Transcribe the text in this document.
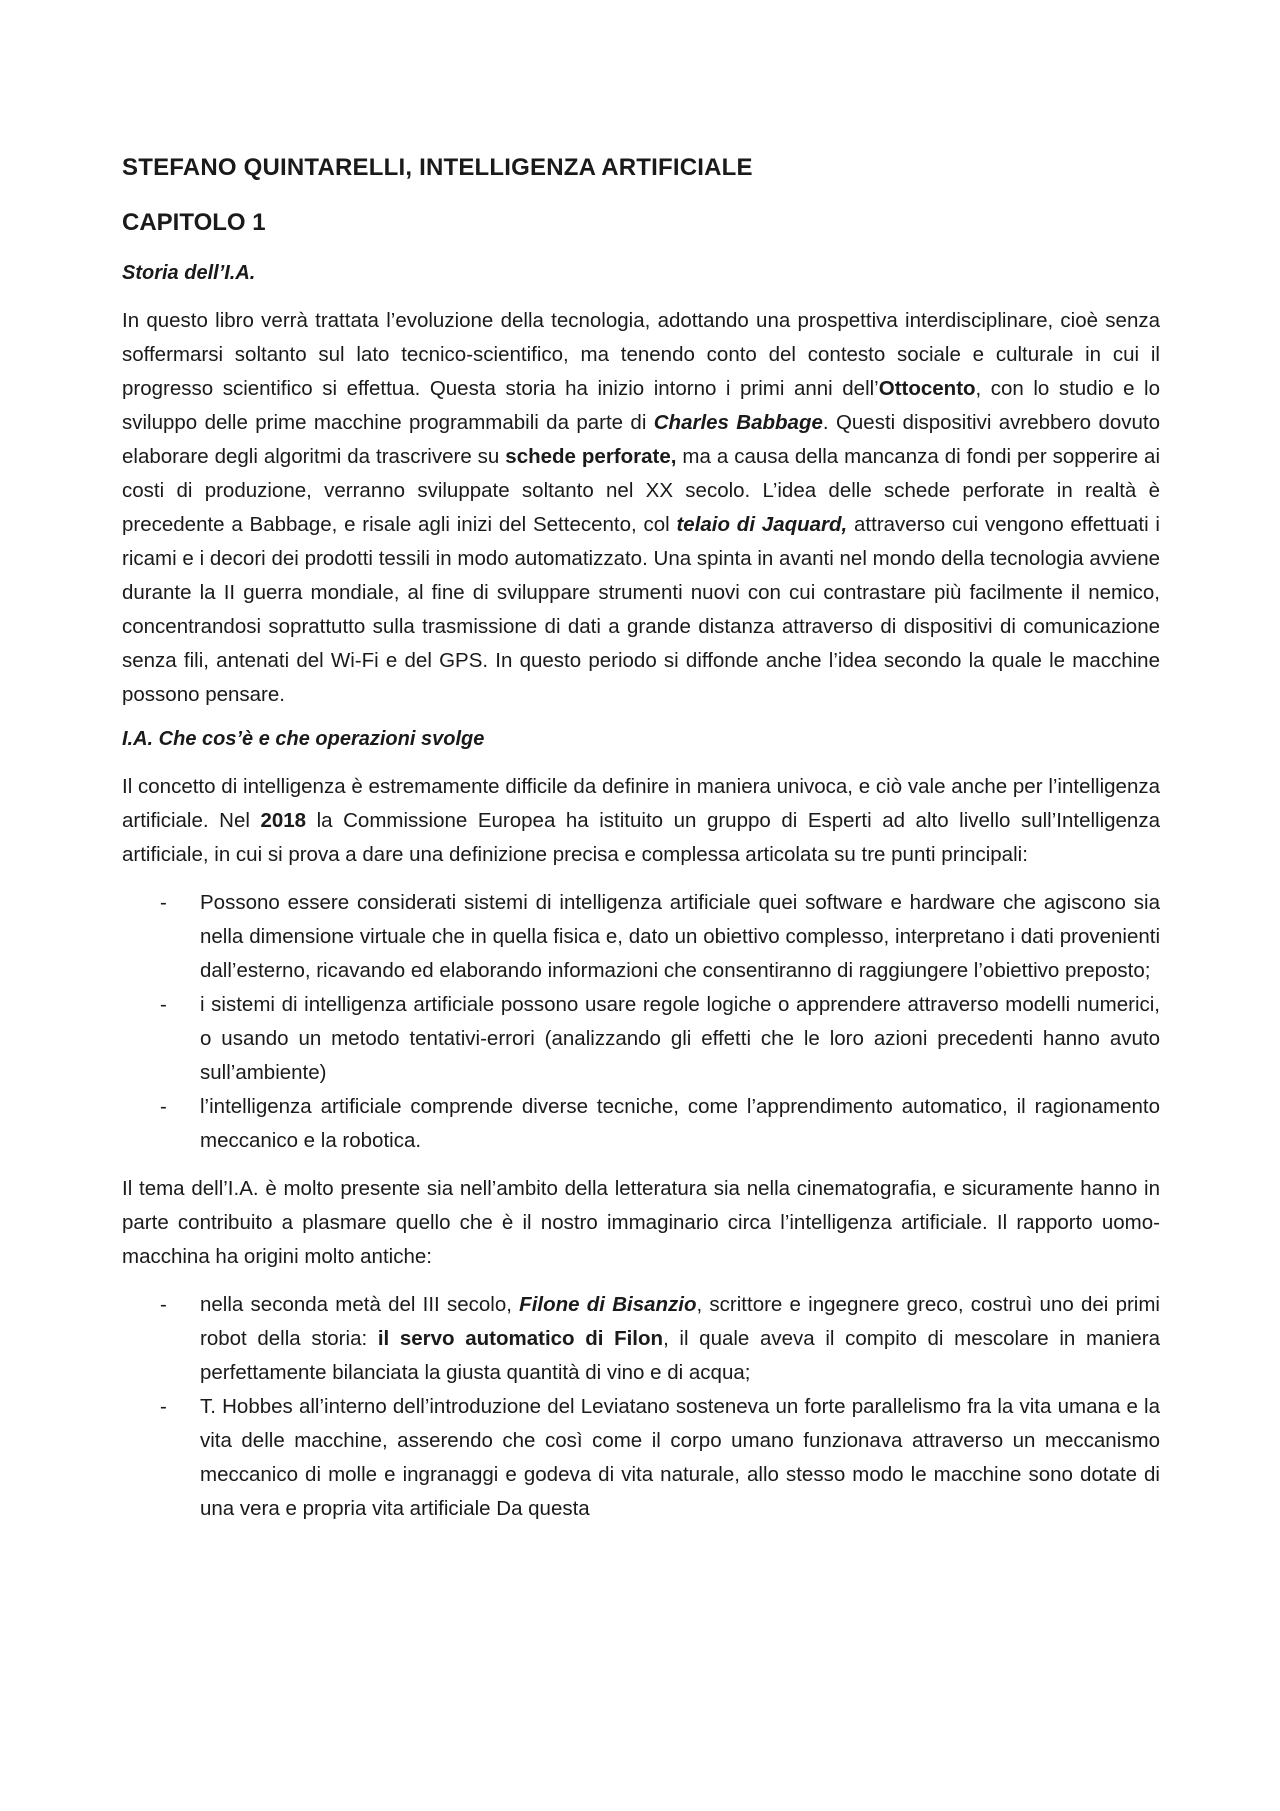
STEFANO QUINTARELLI, INTELLIGENZA ARTIFICIALE
CAPITOLO 1
Storia dell’I.A.

In questo libro verrà trattata l’evoluzione della tecnologia, adottando una prospettiva interdisciplinare, cioè senza soffermarsi soltanto sul lato tecnico-scientifico, ma tenendo conto del contesto sociale e culturale in cui il progresso scientifico si effettua. Questa storia ha inizio intorno i primi anni dell’Ottocento, con lo studio e lo sviluppo delle prime macchine programmabili da parte di Charles Babbage. Questi dispositivi avrebbero dovuto elaborare degli algoritmi da trascrivere su schede perforate, ma a causa della mancanza di fondi per sopperire ai costi di produzione, verranno sviluppate soltanto nel XX secolo. L’idea delle schede perforate in realtà è precedente a Babbage, e risale agli inizi del Settecento, col telaio di Jaquard, attraverso cui vengono effettuati i ricami e i decori dei prodotti tessili in modo automatizzato. Una spinta in avanti nel mondo della tecnologia avviene durante la II guerra mondiale, al fine di sviluppare strumenti nuovi con cui contrastare più facilmente il nemico, concentrandosi soprattutto sulla trasmissione di dati a grande distanza attraverso di dispositivi di comunicazione senza fili, antenati del Wi-Fi e del GPS. In questo periodo si diffonde anche l’idea secondo la quale le macchine possono pensare.

I.A. Che cos’è e che operazioni svolge

Il concetto di intelligenza è estremamente difficile da definire in maniera univoca, e ciò vale anche per l’intelligenza artificiale. Nel 2018 la Commissione Europea ha istituito un gruppo di Esperti ad alto livello sull’Intelligenza artificiale, in cui si prova a dare una definizione precisa e complessa articolata su tre punti principali:

- Possono essere considerati sistemi di intelligenza artificiale quei software e hardware che agiscono sia nella dimensione virtuale che in quella fisica e, dato un obiettivo complesso, interpretano i dati provenienti dall’esterno, ricavando ed elaborando informazioni che consentiranno di raggiungere l’obiettivo preposto;
- i sistemi di intelligenza artificiale possono usare regole logiche o apprendere attraverso modelli numerici, o usando un metodo tentativi-errori (analizzando gli effetti che le loro azioni precedenti hanno avuto sull’ambiente)
- l’intelligenza artificiale comprende diverse tecniche, come l’apprendimento automatico, il ragionamento meccanico e la robotica.

Il tema dell’I.A. è molto presente sia nell’ambito della letteratura sia nella cinematografia, e sicuramente hanno in parte contribuito a plasmare quello che è il nostro immaginario circa l’intelligenza artificiale. Il rapporto uomo-macchina ha origini molto antiche:

- nella seconda metà del III secolo, Filone di Bisanzio, scrittore e ingegnere greco, costruì uno dei primi robot della storia: il servo automatico di Filon, il quale aveva il compito di mescolare in maniera perfettamente bilanciata la giusta quantità di vino e di acqua;
- T. Hobbes all’interno dell’introduzione del Leviatano sosteneva un forte parallelismo fra la vita umana e la vita delle macchine, asserendo che così come il corpo umano funzionava attraverso un meccanismo meccanico di molle e ingranaggi e godeva di vita naturale, allo stesso modo le macchine sono dotate di una vera e propria vita artificiale Da questa
